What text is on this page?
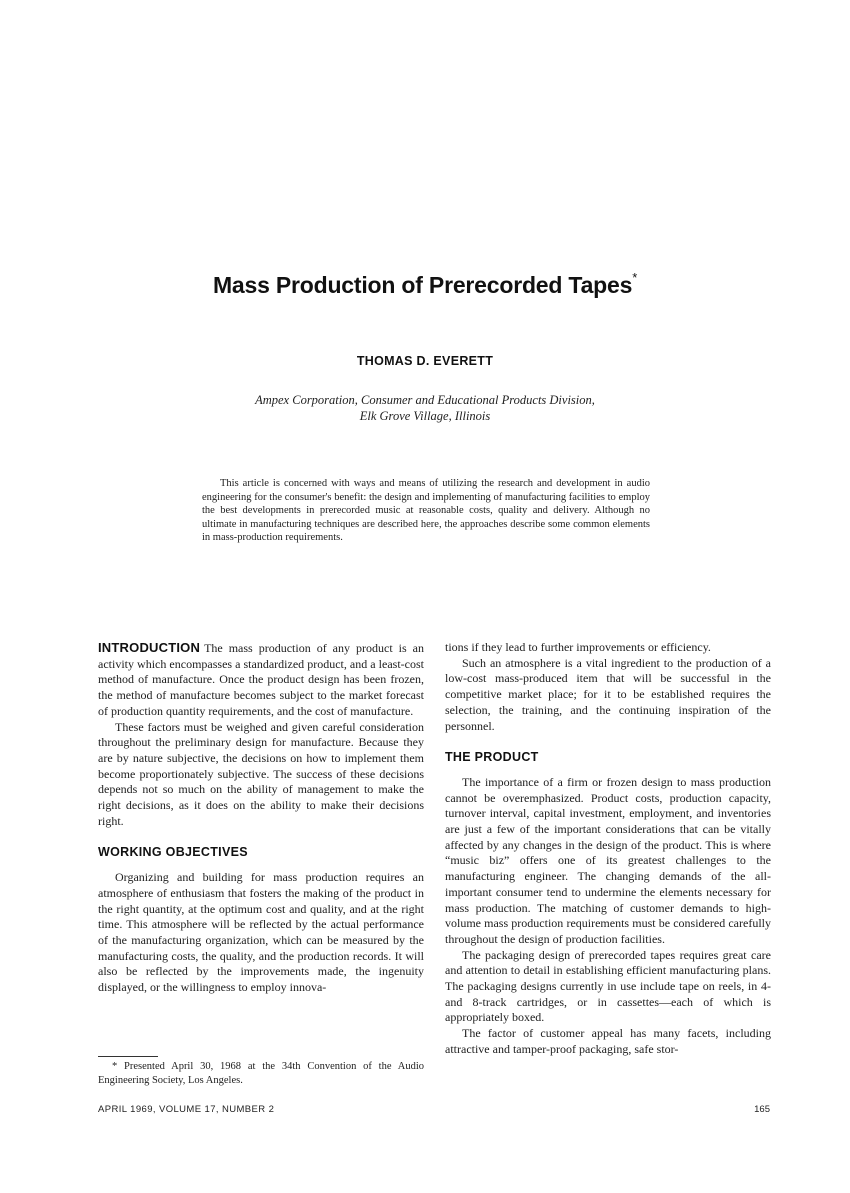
Mass Production of Prerecorded Tapes*
THOMAS D. EVERETT
Ampex Corporation, Consumer and Educational Products Division,
Elk Grove Village, Illinois

This article is concerned with ways and means of utilizing the research and development in audio engineering for the consumer's benefit: the design and implementing of manufacturing facilities to employ the best developments in prerecorded music at reasonable costs, quality and delivery. Although no ultimate in manufacturing techniques are described here, the approaches describe some common elements in mass-production requirements.

INTRODUCTION The mass production of any product is an activity which encompasses a standardized product, and a least-cost method of manufacture. Once the product design has been frozen, the method of manufacture becomes subject to the market forecast of production quantity requirements, and the cost of manufacture.

These factors must be weighed and given careful consideration throughout the preliminary design for manufacture. Because they are by nature subjective, the decisions on how to implement them become proportionately subjective. The success of these decisions depends not so much on the ability of management to make the right decisions, as it does on the ability to make their decisions right.

WORKING OBJECTIVES

Organizing and building for mass production requires an atmosphere of enthusiasm that fosters the making of the product in the right quantity, at the optimum cost and quality, and at the right time. This atmosphere will be reflected by the actual performance of the manufacturing organization, which can be measured by the manufacturing costs, the quality, and the production records. It will also be reflected by the improvements made, the ingenuity displayed, or the willingness to employ innova-

tions if they lead to further improvements or efficiency.

Such an atmosphere is a vital ingredient to the production of a low-cost mass-produced item that will be successful in the competitive market place; for it to be established requires the selection, the training, and the continuing inspiration of the personnel.

THE PRODUCT

The importance of a firm or frozen design to mass production cannot be overemphasized. Product costs, production capacity, turnover interval, capital investment, employment, and inventories are just a few of the important considerations that can be vitally affected by any changes in the design of the product. This is where “music biz” offers one of its greatest challenges to the manufacturing engineer. The changing demands of the all-important consumer tend to undermine the elements necessary for mass production. The matching of customer demands to high-volume mass production requirements must be considered carefully throughout the design of production facilities.

The packaging design of prerecorded tapes requires great care and attention to detail in establishing efficient manufacturing plans. The packaging designs currently in use include tape on reels, in 4- and 8-track cartridges, or in cassettes—each of which is appropriately boxed.

The factor of customer appeal has many facets, including attractive and tamper-proof packaging, safe stor-

* Presented April 30, 1968 at the 34th Convention of the Audio Engineering Society, Los Angeles.

APRIL 1969, VOLUME 17, NUMBER 2	165
